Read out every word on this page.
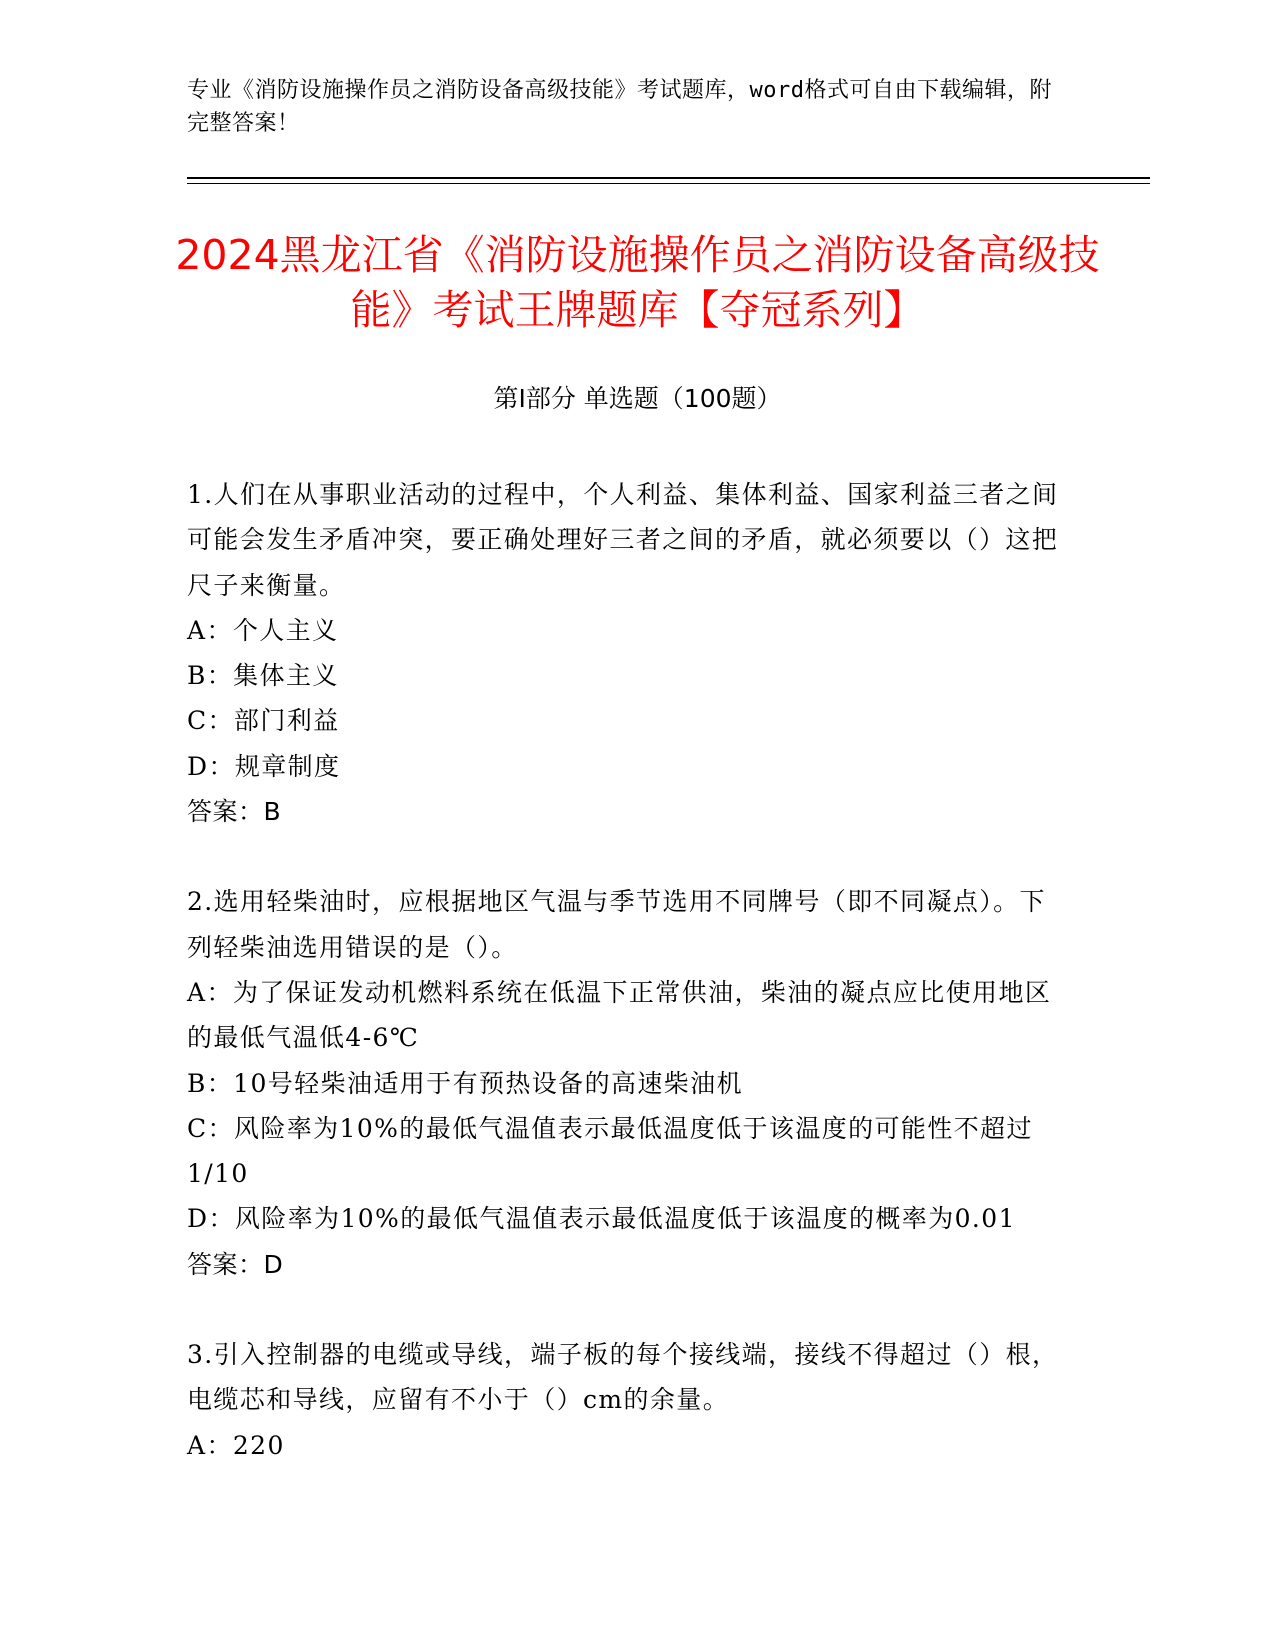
专业《消防设施操作员之消防设备高级技能》考试题库，word格式可自由下载编辑，附完整答案！
2024黑龙江省《消防设施操作员之消防设备高级技能》考试王牌题库【夺冠系列】
第I部分 单选题（100题）
1.人们在从事职业活动的过程中，个人利益、集体利益、国家利益三者之间可能会发生矛盾冲突，要正确处理好三者之间的矛盾，就必须要以（）这把尺子来衡量。
A：个人主义
B：集体主义
C：部门利益
D：规章制度
答案：B
2.选用轻柴油时，应根据地区气温与季节选用不同牌号（即不同凝点）。下列轻柴油选用错误的是（）。
A：为了保证发动机燃料系统在低温下正常供油，柴油的凝点应比使用地区的最低气温低4-6℃
B：10号轻柴油适用于有预热设备的高速柴油机
C：风险率为10%的最低气温值表示最低温度低于该温度的可能性不超过1/10
D：风险率为10%的最低气温值表示最低温度低于该温度的概率为0.01
答案：D
3.引入控制器的电缆或导线，端子板的每个接线端，接线不得超过（）根，电缆芯和导线，应留有不小于（）cm的余量。
A：220
